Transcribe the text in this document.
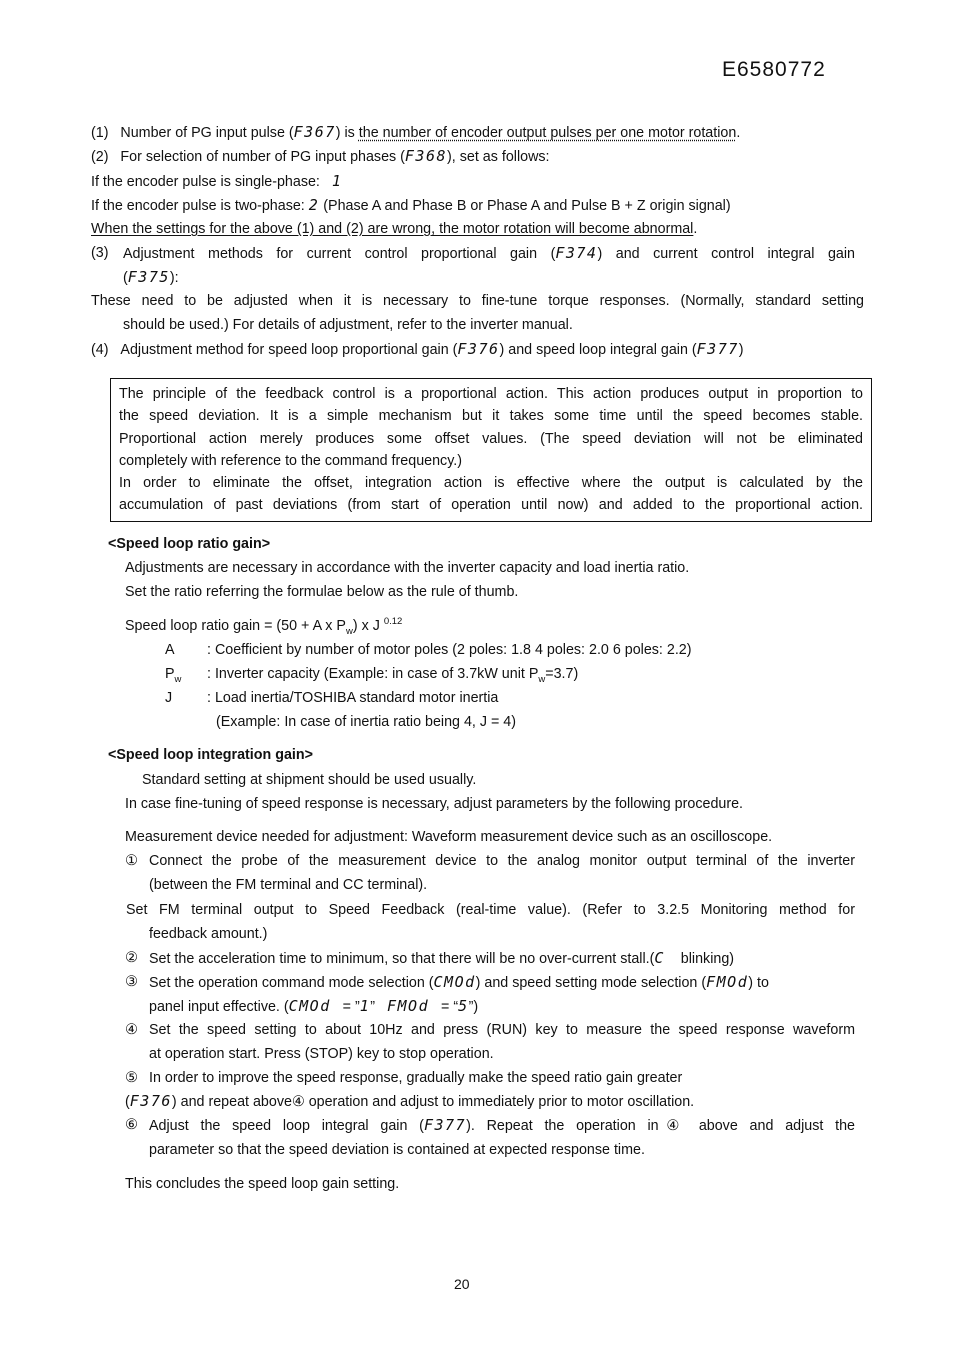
E6580772
(1) Number of PG input pulse (F367) is the number of encoder output pulses per one motor rotation.
(2) For selection of number of PG input phases (F368), set as follows:
If the encoder pulse is single-phase: 1
If the encoder pulse is two-phase: 2 (Phase A and Phase B or Phase A and Pulse B + Z origin signal)
When the settings for the above (1) and (2) are wrong, the motor rotation will become abnormal.
(3) Adjustment methods for current control proportional gain (F374) and current control integral gain
(F375):
These need to be adjusted when it is necessary to fine-tune torque responses. (Normally, standard setting
should be used.) For details of adjustment, refer to the inverter manual.
(4) Adjustment method for speed loop proportional gain (F376) and speed loop integral gain (F377)

The principle of the feedback control is a proportional action. This action produces output in proportion to

the speed deviation. It is a simple mechanism but it takes some time until the speed becomes stable.

Proportional action merely produces some offset values. (The speed deviation will not be eliminated

completely with reference to the command frequency.)

In order to eliminate the offset, integration action is effective where the output is calculated by the

accumulation of past deviations (from start of operation until now) and added to the proportional action.

<Speed loop ratio gain>
Adjustments are necessary in accordance with the inverter capacity and load inertia ratio.
Set the ratio referring the formulae below as the rule of thumb.
Speed loop ratio gain = (50 + A x $P_w$) x J $^{0.12}$
A : Coefficient by number of motor poles (2 poles: 1.8 4 poles: 2.0 6 poles: 2.2)
$P_w$ : Inverter capacity (Example: in case of 3.7kW unit $P_w=3.7$)
J : Load inertia/TOSHIBA standard motor inertia
(Example: In case of inertia ratio being 4, J = 4)
<Speed loop integration gain>
Standard setting at shipment should be used usually.
In case fine-tuning of speed response is necessary, adjust parameters by the following procedure.
Measurement device needed for adjustment: Waveform measurement device such as an oscilloscope.
① Connect the probe of the measurement device to the analog monitor output terminal of the inverter
(between the FM terminal and CC terminal).
Set FM terminal output to Speed Feedback (real-time value). (Refer to 3.2.5 Monitoring method for
feedback amount.)
② Set the acceleration time to minimum, so that there will be no over-current stall.(C blinking)
③ Set the operation command mode selection (CMOd) and speed setting mode selection (FMOd) to
panel input effective. (CMOd = ”1” FMOd = “5”)
④ Set the speed setting to about 10Hz and press (RUN) key to measure the speed response waveform
at operation start. Press (STOP) key to stop operation.
⑤ In order to improve the speed response, gradually make the speed ratio gain greater
(F376) and repeat above④ operation and adjust to immediately prior to motor oscillation.
⑥ Adjust the speed loop integral gain (F377). Repeat the operation in④ above and adjust the
parameter so that the speed deviation is contained at expected response time.
This concludes the speed loop gain setting.
20
